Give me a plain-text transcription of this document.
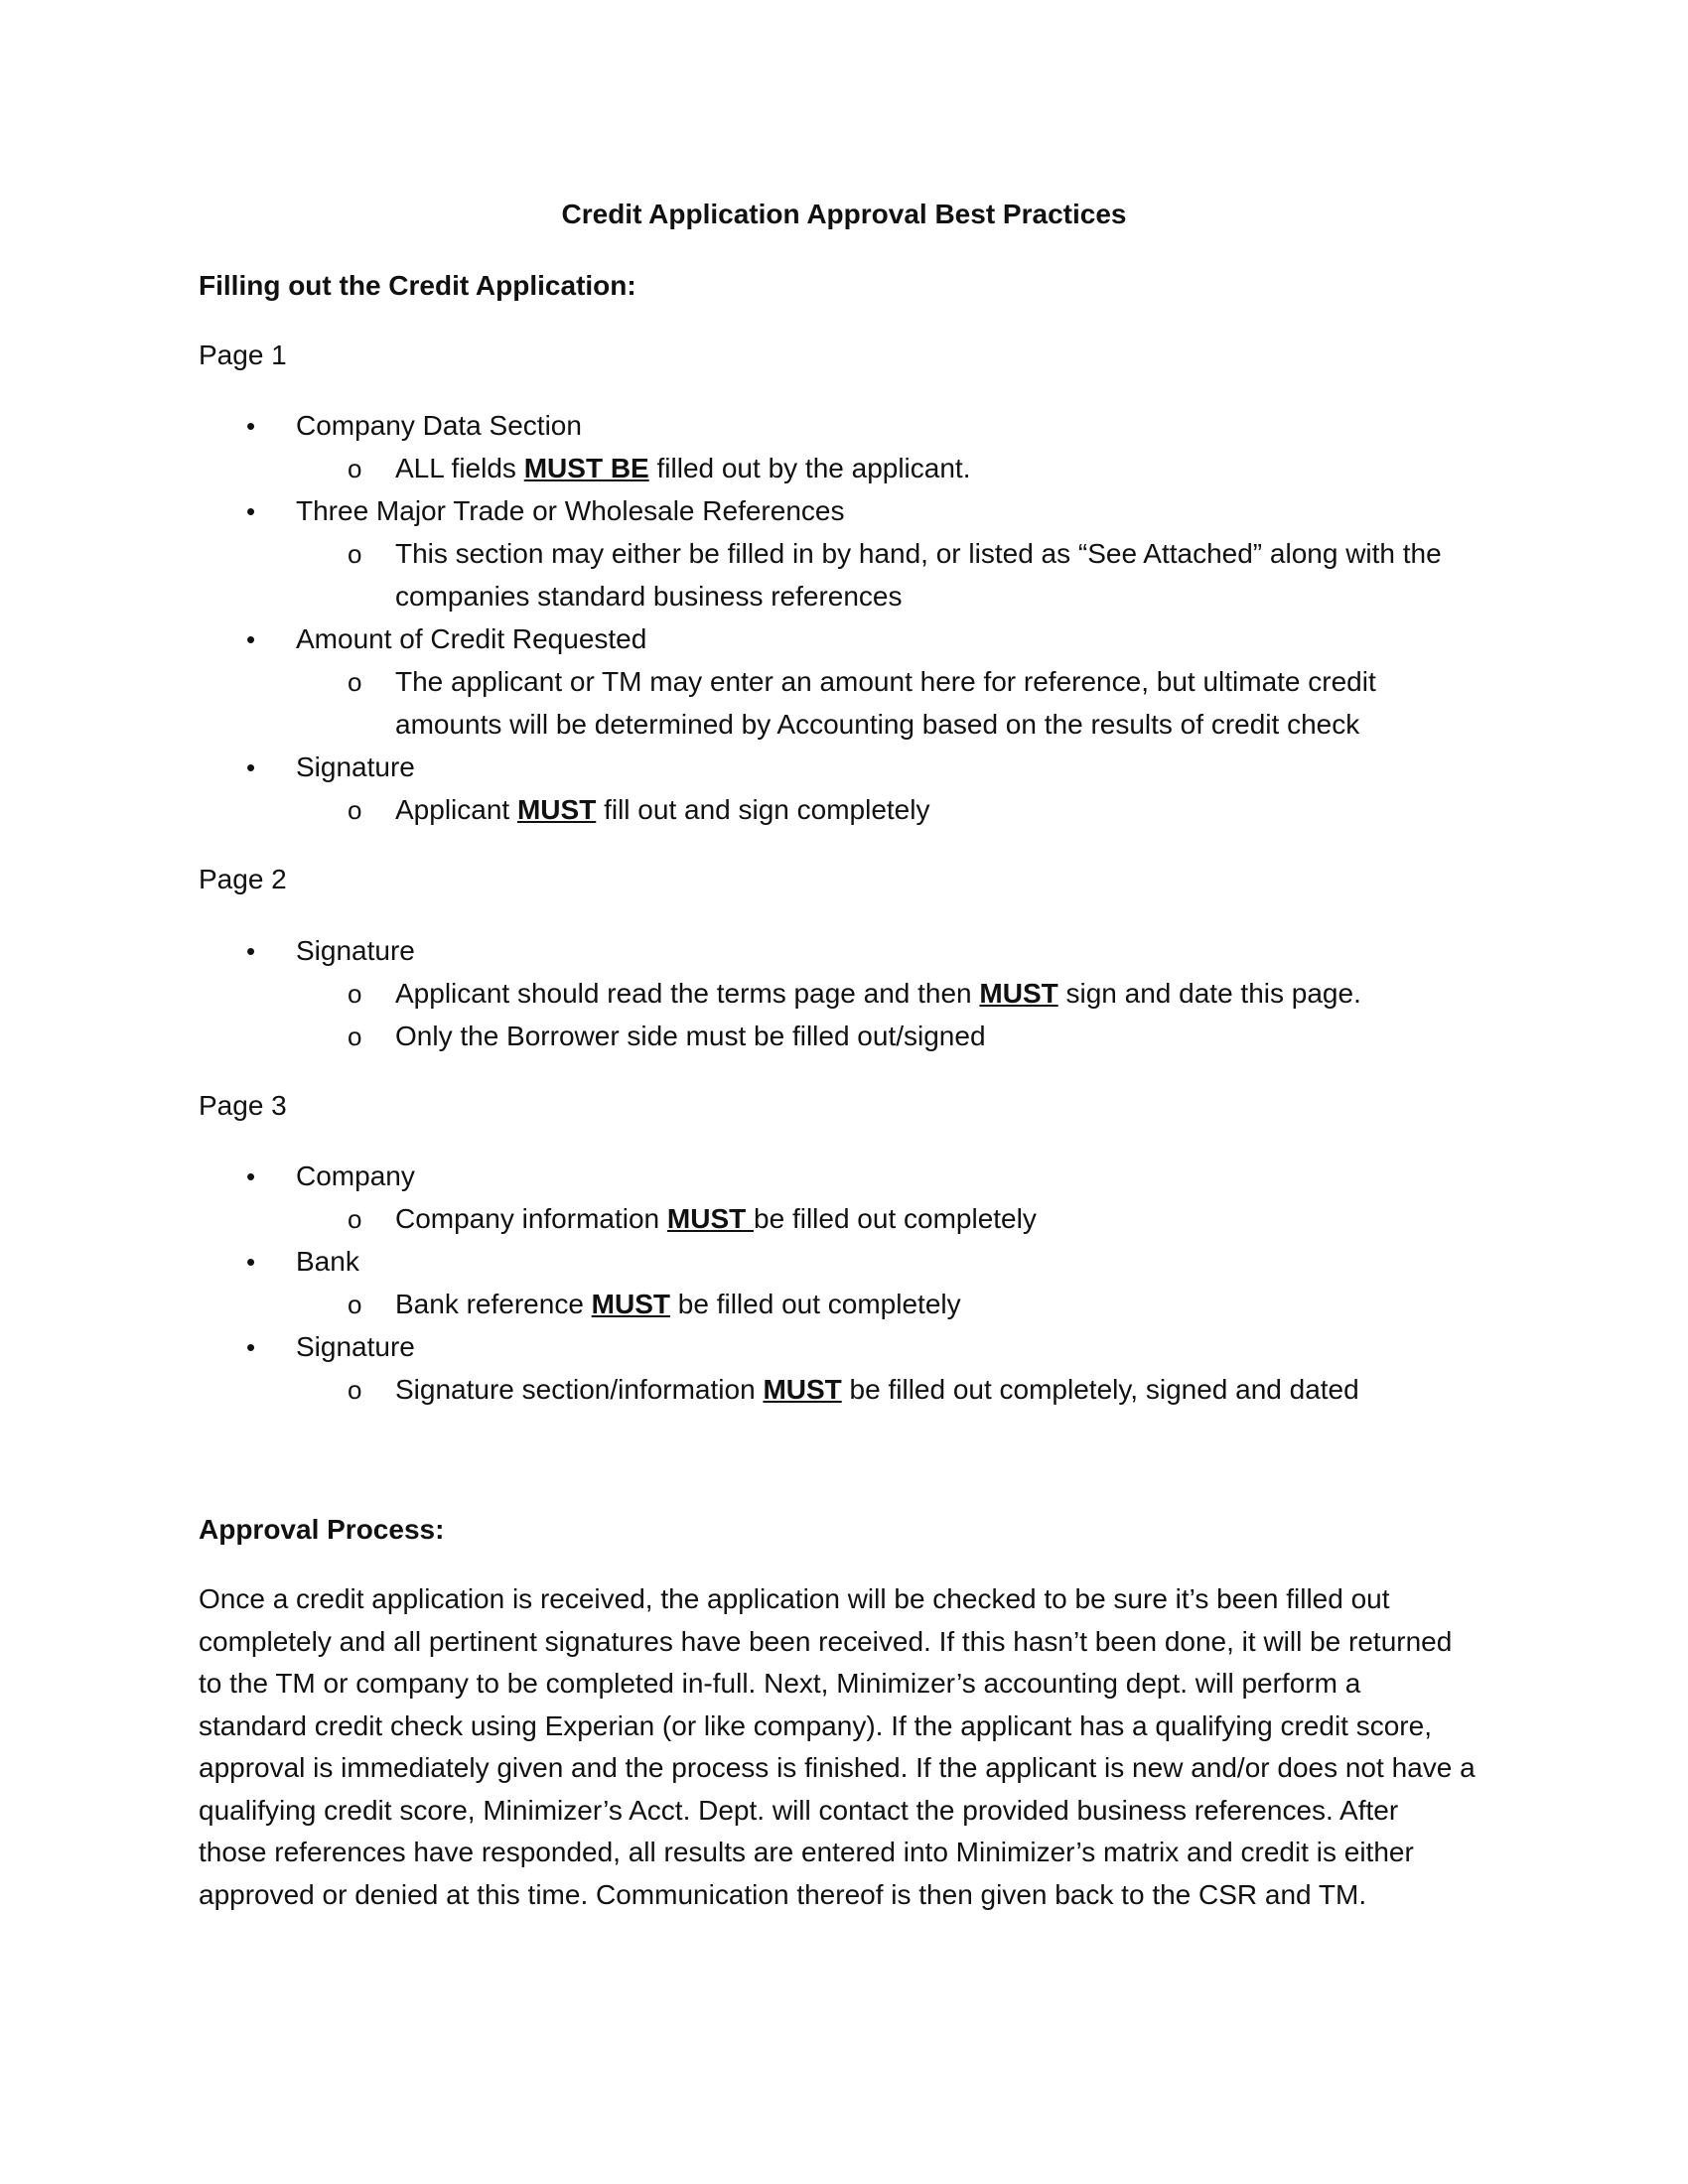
Credit Application Approval Best Practices
Filling out the Credit Application:
Page 1
• Company Data Section
o ALL fields MUST BE filled out by the applicant.
• Three Major Trade or Wholesale References
o This section may either be filled in by hand, or listed as “See Attached” along with the
companies standard business references
• Amount of Credit Requested
o The applicant or TM may enter an amount here for reference, but ultimate credit
amounts will be determined by Accounting based on the results of credit check
• Signature
o Applicant MUST fill out and sign completely
Page 2
• Signature
o Applicant should read the terms page and then MUST sign and date this page.
o Only the Borrower side must be filled out/signed
Page 3
• Company
o Company information MUST be filled out completely
• Bank
o Bank reference MUST be filled out completely
• Signature
o Signature section/information MUST be filled out completely, signed and dated
Approval Process:
Once a credit application is received, the application will be checked to be sure it’s been filled out
completely and all pertinent signatures have been received. If this hasn’t been done, it will be returned
to the TM or company to be completed in-full. Next, Minimizer’s accounting dept. will perform a
standard credit check using Experian (or like company). If the applicant has a qualifying credit score,
approval is immediately given and the process is finished. If the applicant is new and/or does not have a
qualifying credit score, Minimizer’s Acct. Dept. will contact the provided business references. After
those references have responded, all results are entered into Minimizer’s matrix and credit is either
approved or denied at this time. Communication thereof is then given back to the CSR and TM.
